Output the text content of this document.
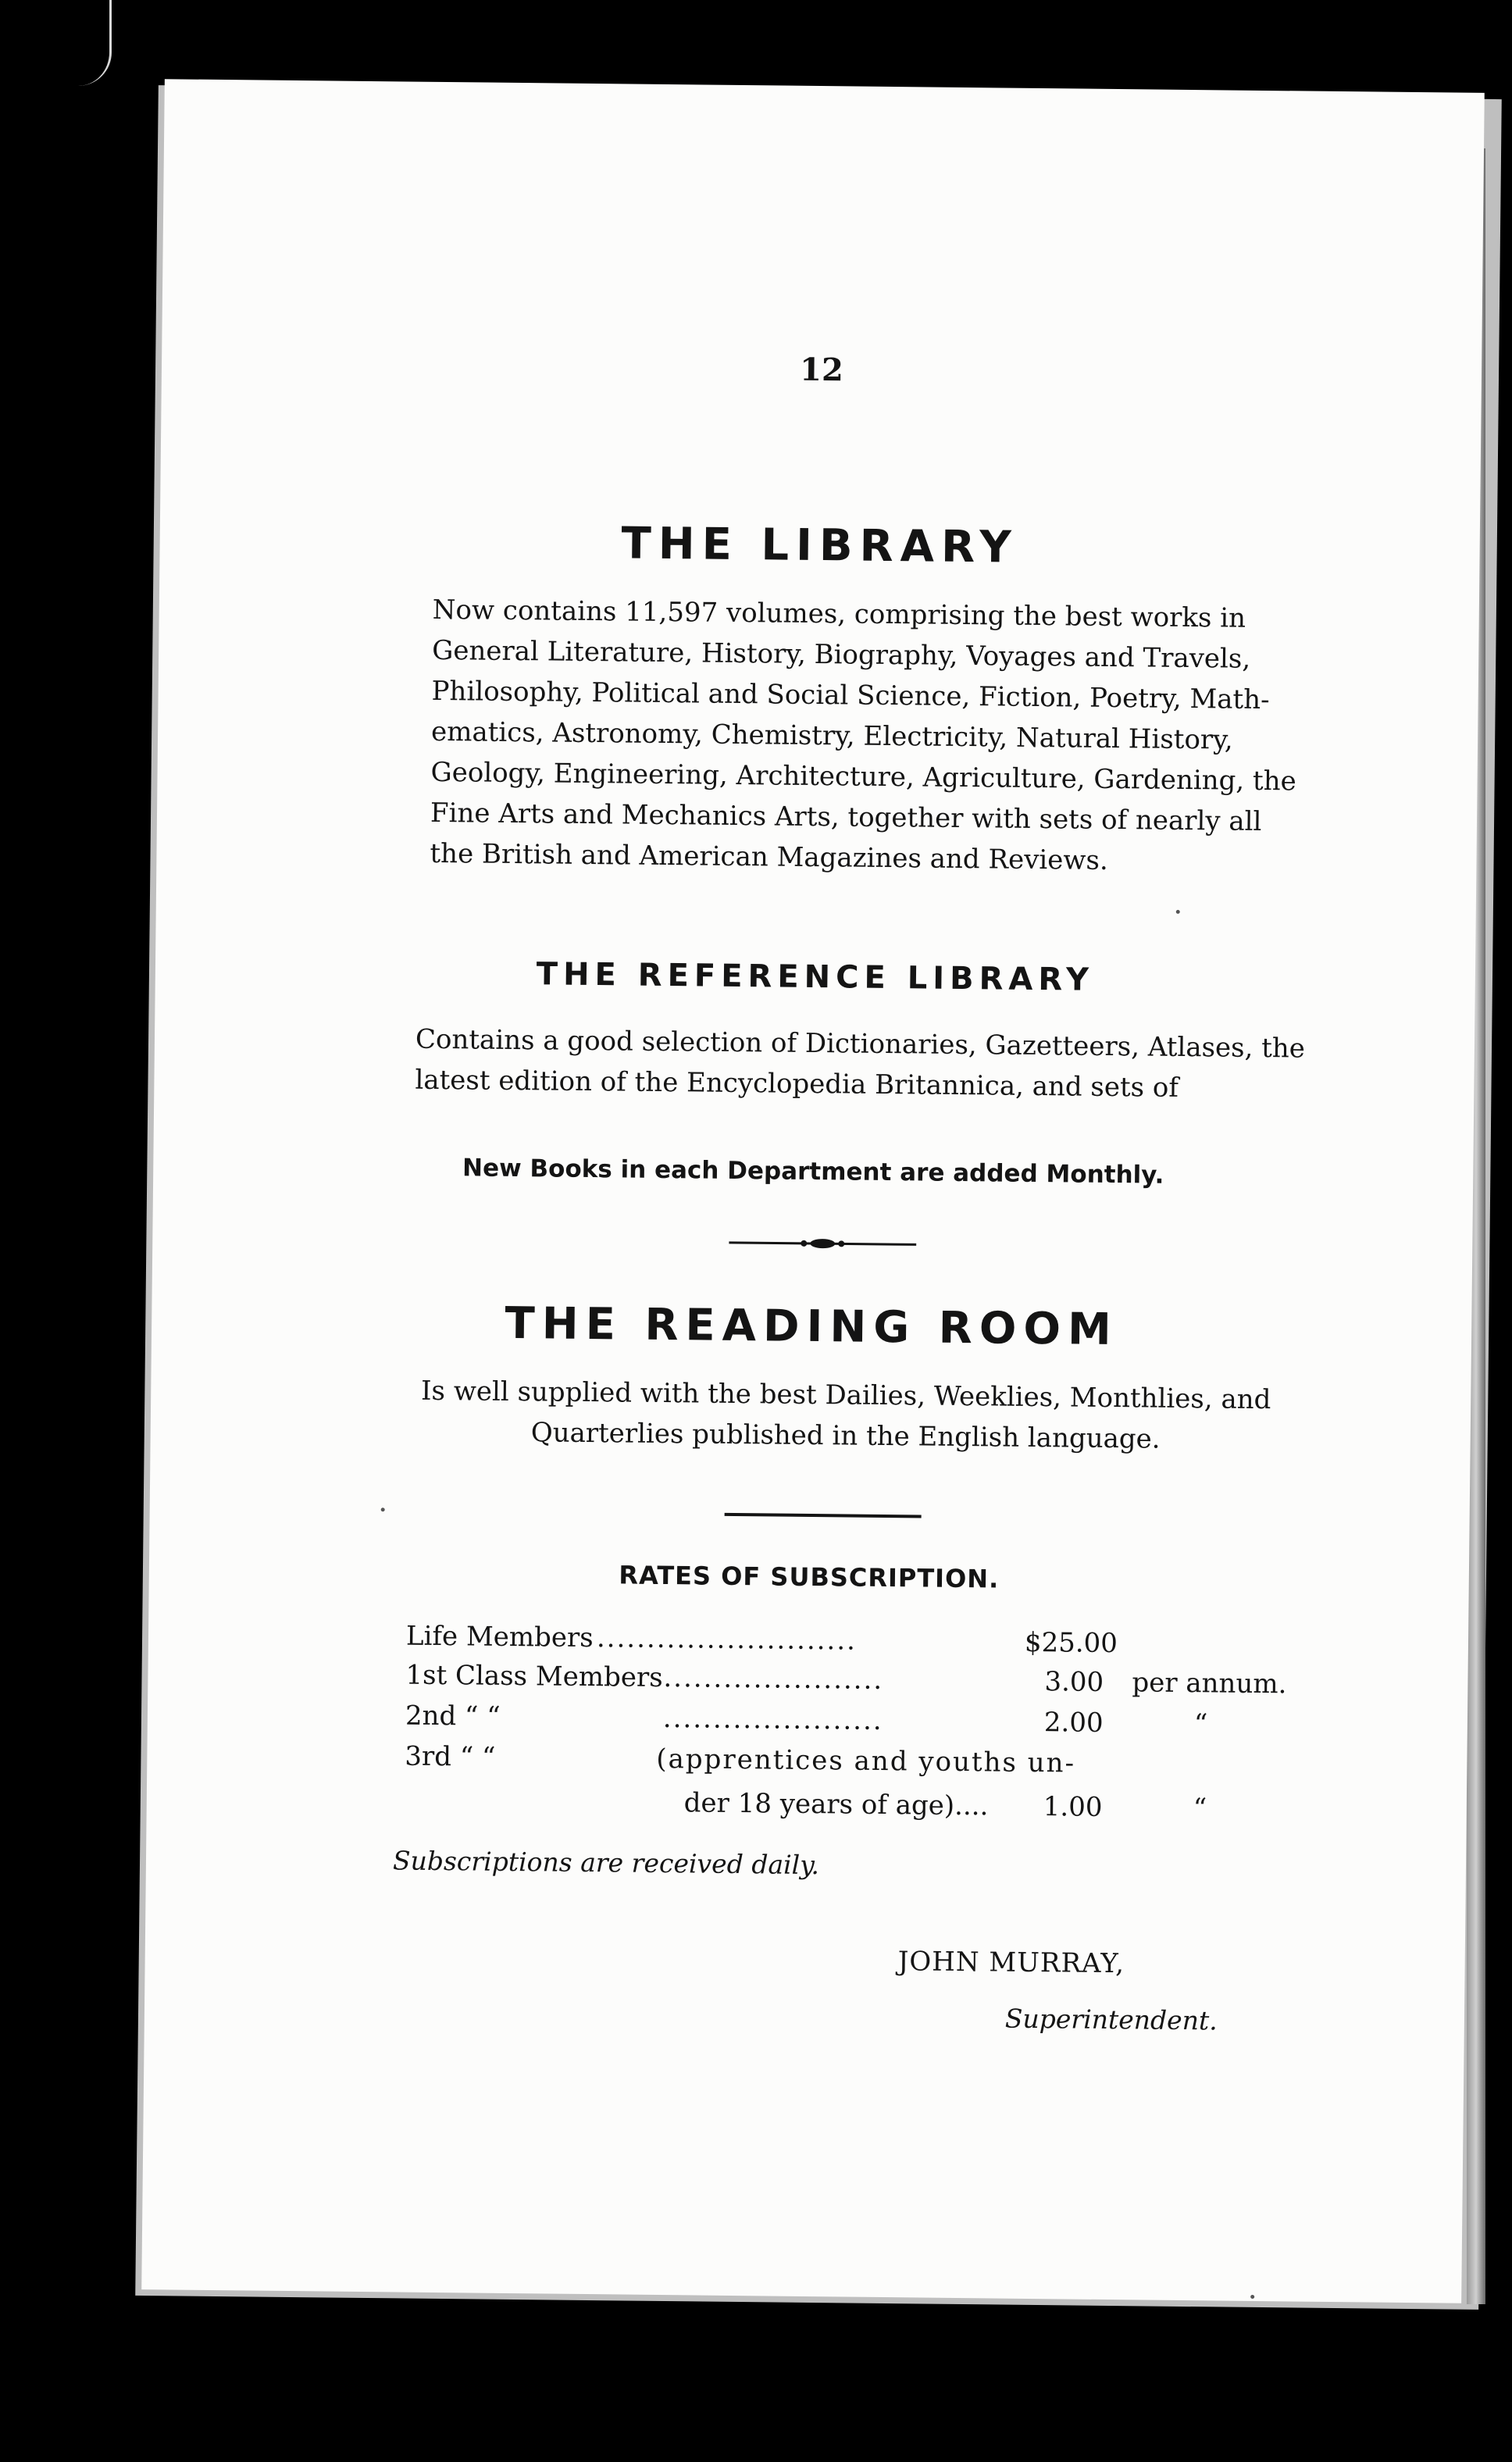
12
THE LIBRARY
Now contains 11,597 volumes, comprising the best works in
General Literature, History, Biography, Voyages and Travels,
Philosophy, Political and Social Science, Fiction, Poetry, Math-
ematics, Astronomy, Chemistry, Electricity, Natural History,
Geology, Engineering, Architecture, Agriculture, Gardening, the
Fine Arts and Mechanics Arts, together with sets of nearly all
the British and American Magazines and Reviews.
THE REFERENCE LIBRARY
Contains a good selection of Dictionaries, Gazetteers, Atlases, the
latest edition of the Encyclopedia Britannica, and sets of
New Books in each Department are added Monthly.
THE READING ROOM
Is well supplied with the best Dailies, Weeklies, Monthlies, and
Quarterlies published in the English language.
RATES OF SUBSCRIPTION.
Life Members ..........................	$25.00
1st Class Members ......................	3.00 per annum.
2nd “ “	......................	2.00	“
3rd “ “	(apprentices and youths un-
der 18 years of age).... 1.00	“
Subscriptions are received daily.
JOHN MURRAY,
Superintendent.
